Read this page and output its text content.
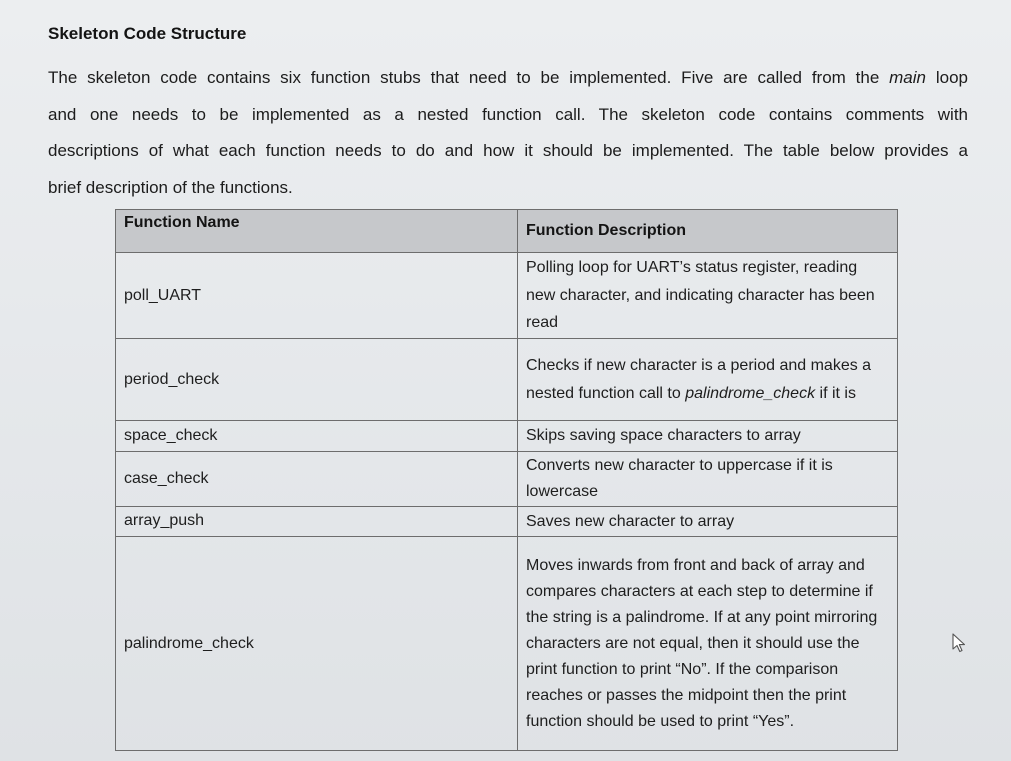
Skeleton Code Structure
The skeleton code contains six function stubs that need to be implemented. Five are called from the main loop
and one needs to be implemented as a nested function call. The skeleton code contains comments with
descriptions of what each function needs to do and how it should be implemented. The table below provides a
brief description of the functions.
Function Name	Function Description
poll_UART	Polling loop for UART’s status register, reading new character, and indicating character has been read
period_check	Checks if new character is a period and makes a nested function call to palindrome_check if it is
space_check	Skips saving space characters to array
case_check	Converts new character to uppercase if it is lowercase
array_push	Saves new character to array
palindrome_check	Moves inwards from front and back of array and compares characters at each step to determine if the string is a palindrome. If at any point mirroring characters are not equal, then it should use the print function to print “No”. If the comparison reaches or passes the midpoint then the print function should be used to print “Yes”.
